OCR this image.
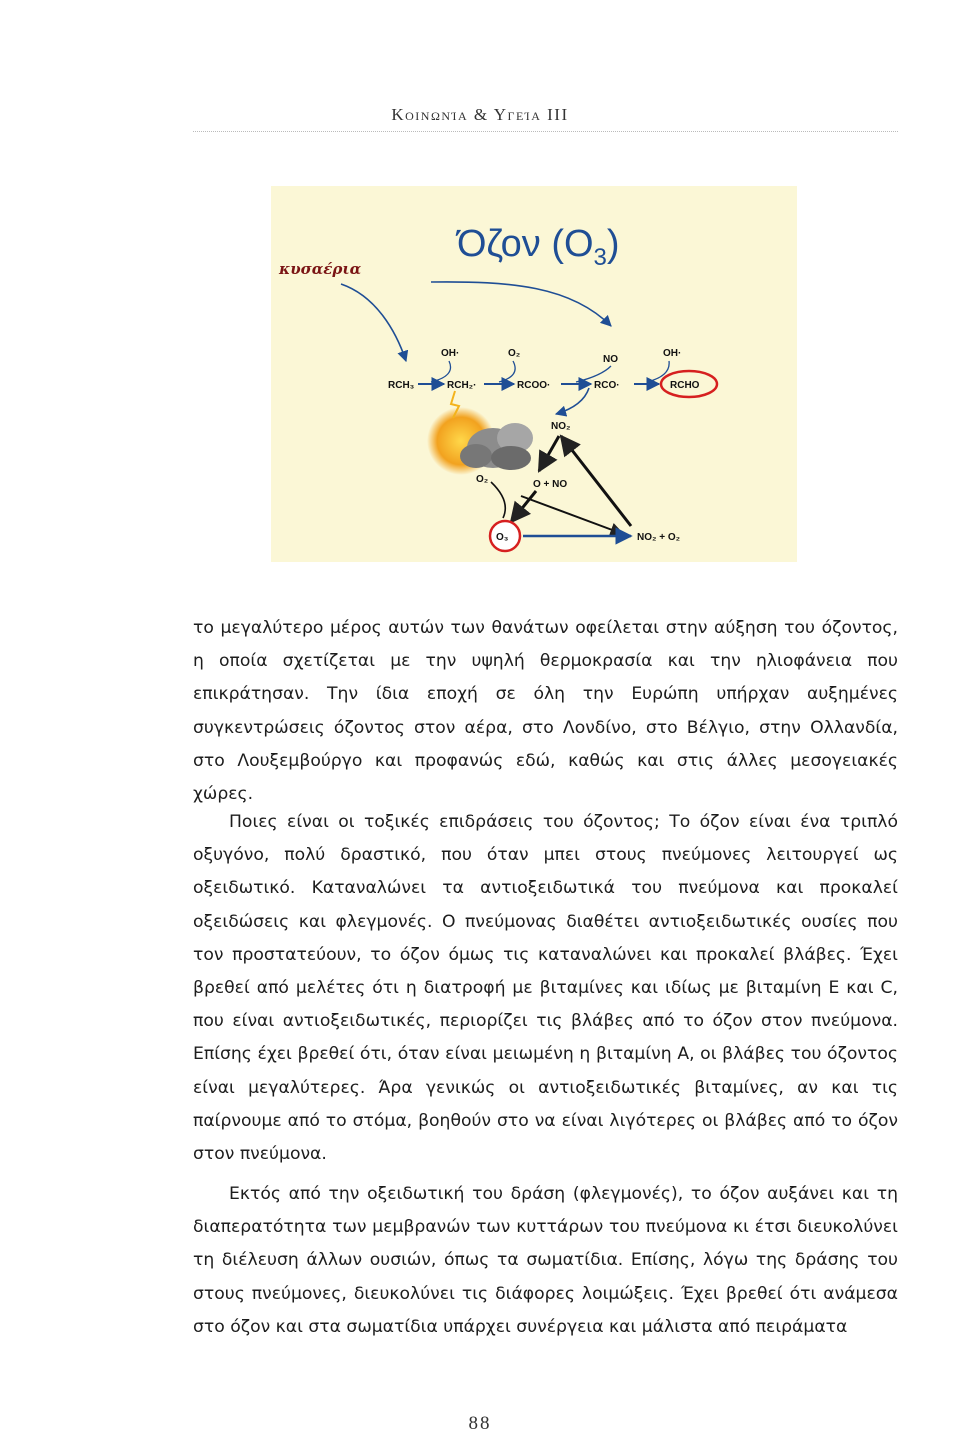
Κοινωνία & Υγεία ΙΙΙ
Όζον $(O_3)$
κυσαέρια
OH·	O₂
NO
OH·
RCH₃	RCH₂·	RCOO·	RCO·	RCHO
NO₂
O + NO
O₂
O₃	NO₂ + O₂

το μεγαλύτερο μέρος αυτών των θανάτων οφείλεται στην αύξηση του όζοντος, η οποία σχετίζεται με την υψηλή θερμοκρασία και την ηλιοφάνεια που επικράτησαν. Την ίδια εποχή σε όλη την Ευρώπη υπήρχαν αυξημένες συγκεντρώσεις όζοντος στον αέρα, στο Λονδίνο, στο Βέλγιο, στην Ολλανδία, στο Λουξεμβούργο και προφανώς εδώ, καθώς και στις άλλες μεσογειακές χώρες.

Ποιες είναι οι τοξικές επιδράσεις του όζοντος; Το όζον είναι ένα τριπλό οξυγόνο, πολύ δραστικό, που όταν μπει στους πνεύμονες λειτουργεί ως οξειδωτικό. Καταναλώνει τα αντιοξειδωτικά του πνεύμονα και προκαλεί οξειδώσεις και φλεγμονές. Ο πνεύμονας διαθέτει αντιοξειδωτικές ουσίες που τον προστατεύουν, το όζον όμως τις καταναλώνει και προκαλεί βλάβες. Έχει βρεθεί από μελέτες ότι η διατροφή με βιταμίνες και ιδίως με βιταμίνη Ε και C, που είναι αντιοξειδωτικές, περιορίζει τις βλάβες από το όζον στον πνεύμονα. Επίσης έχει βρεθεί ότι, όταν είναι μειωμένη η βιταμίνη Α, οι βλάβες του όζοντος είναι μεγαλύτερες. Άρα γενικώς οι αντιοξειδωτικές βιταμίνες, αν και τις παίρνουμε από το στόμα, βοηθούν στο να είναι λιγότερες οι βλάβες από το όζον στον πνεύμονα.

Εκτός από την οξειδωτική του δράση (φλεγμονές), το όζον αυξάνει και τη διαπερατότητα των μεμβρανών των κυττάρων του πνεύμονα κι έτσι διευκολύνει τη διέλευση άλλων ουσιών, όπως τα σωματίδια. Επίσης, λόγω της δράσης του στους πνεύμονες, διευκολύνει τις διάφορες λοιμώξεις. Έχει βρεθεί ότι ανάμεσα στο όζον και στα σωματίδια υπάρχει συνέργεια και μάλιστα από πειράματα

88
